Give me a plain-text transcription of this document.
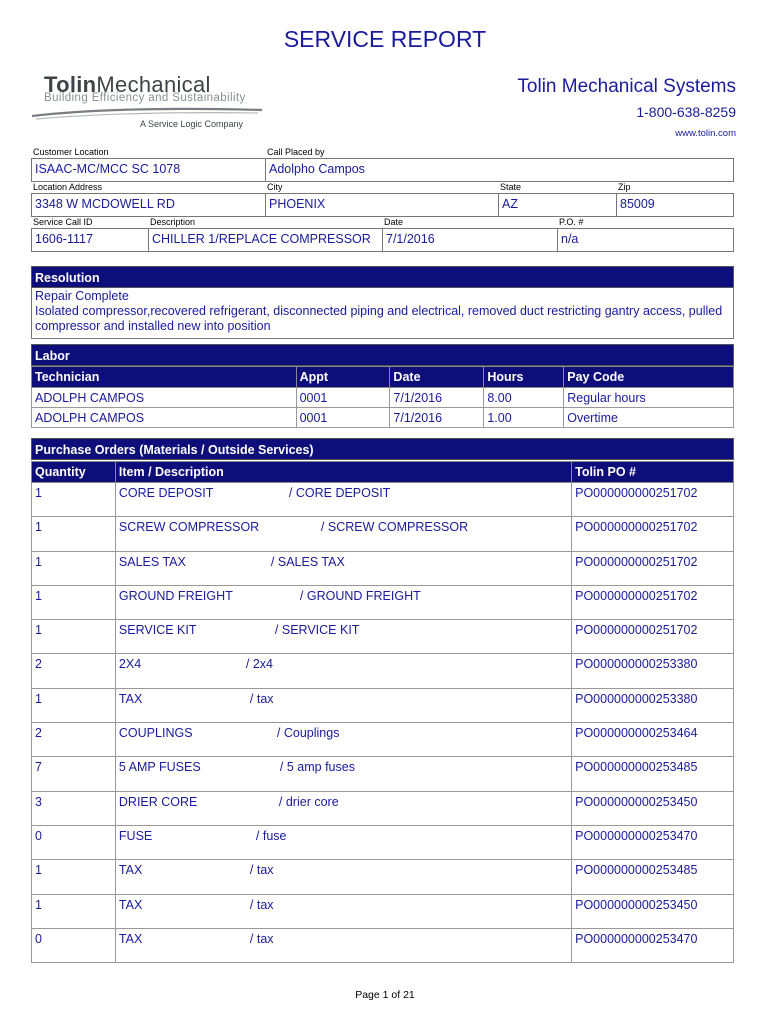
SERVICE REPORT
TolinMechanical
Building Efficiency and Sustainability
A Service Logic Company
Tolin Mechanical Systems
1-800-638-8259
www.tolin.com
Customer Location	Call Placed by
ISAAC-MC/MCC SC 1078	Adolpho Campos
Location Address	City	State	Zip
3348 W MCDOWELL RD	PHOENIX	AZ	85009
Service Call ID	Description	Date	P.O. #
1606-1117	CHILLER 1/REPLACE COMPRESSOR	7/1/2016	n/a
Resolution
Repair Complete
Isolated compressor,recovered refrigerant, disconnected piping and electrical, removed duct restricting gantry access, pulled compressor and installed new into position
Labor
Technician	Appt	Date	Hours	Pay Code
ADOLPH CAMPOS	0001	7/1/2016	8.00	Regular hours
ADOLPH CAMPOS	0001	7/1/2016	1.00	Overtime
Purchase Orders (Materials / Outside Services)
Quantity	Item / Description	Tolin PO #
1	CORE DEPOSIT / CORE DEPOSIT	PO000000000251702
1	SCREW COMPRESSOR / SCREW COMPRESSOR	PO000000000251702
1	SALES TAX / SALES TAX	PO000000000251702
1	GROUND FREIGHT / GROUND FREIGHT	PO000000000251702
1	SERVICE KIT / SERVICE KIT	PO000000000251702
2	2X4 / 2x4	PO000000000253380
1	TAX / tax	PO000000000253380
2	COUPLINGS / Couplings	PO000000000253464
7	5 AMP FUSES / 5 amp fuses	PO000000000253485
3	DRIER CORE / drier core	PO000000000253450
0	FUSE / fuse	PO000000000253470
1	TAX / tax	PO000000000253485
1	TAX / tax	PO000000000253450
0	TAX / tax	PO000000000253470
Page 1 of 21
